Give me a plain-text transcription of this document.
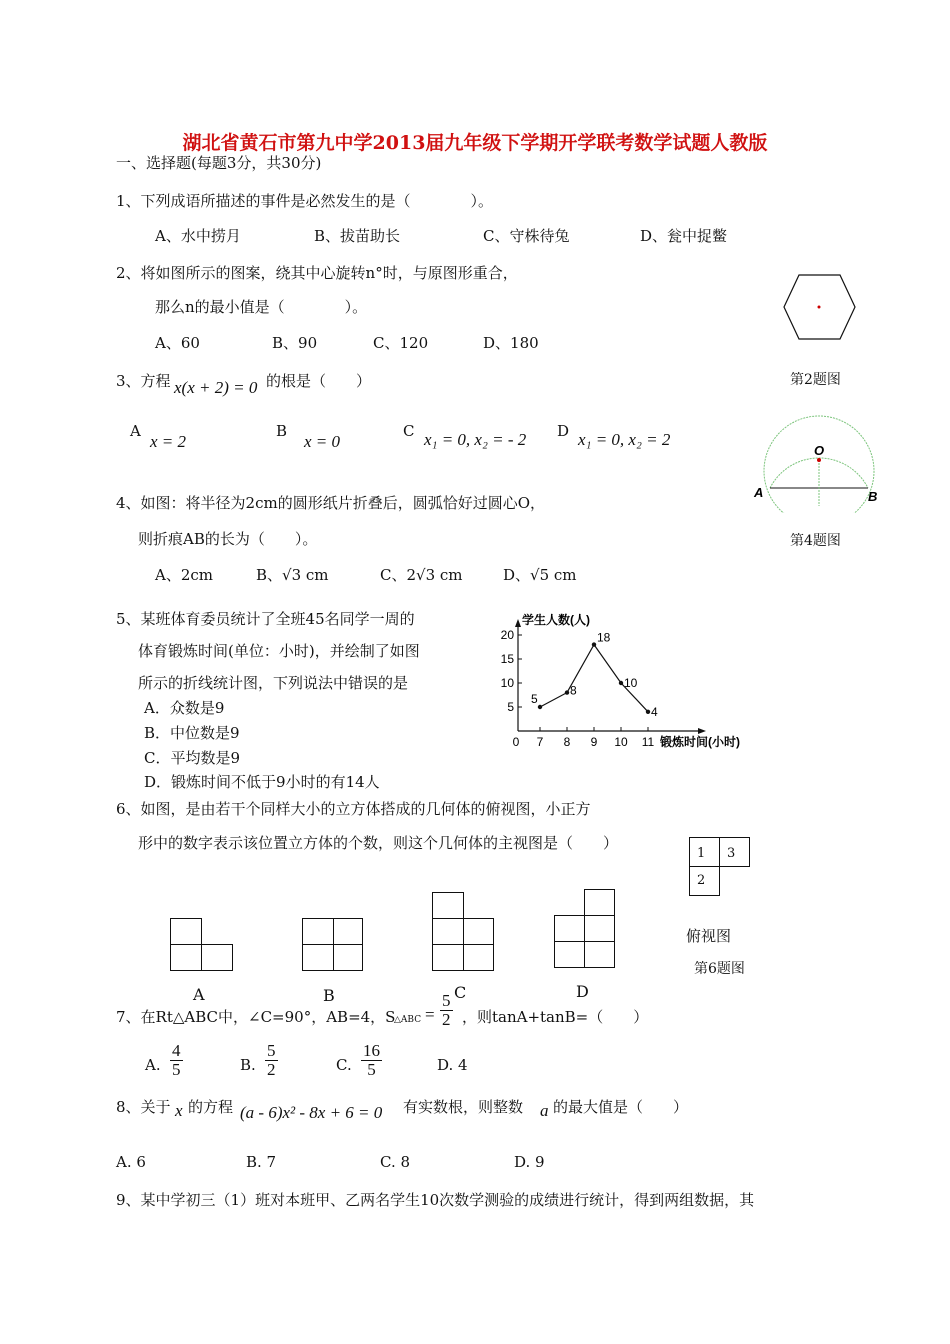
湖北省黄石市第九中学2013届九年级下学期开学联考数学试题人教版
一、选择题(每题3分，共30分)
1、下列成语所描述的事件是必然发生的是（　　　　）。
A、水中捞月	B、拔苗助长	C、守株待兔	D、瓮中捉鳖
2、将如图所示的图案，绕其中心旋转n°时，与原图形重合，
那么n的最小值是（　　　　）。
A、60	B、90	C、120	D、180
第2题图
3、方程 x(x + 2) = 0 的根是（　　）
A
x = 2
B
x = 0
C x₁ = 0, x₂ = - 2 D x₁ = 0, x₂ = 2
O
A	B
4、如图：将半径为2cm的圆形纸片折叠后，圆弧恰好过圆心O，
则折痕AB的长为（　　）。	第4题图
A、2cm	B、√3 cm	C、2√3 cm	D、√5 cm
5、某班体育委员统计了全班45名同学一周的
体育锻炼时间(单位：小时)，并绘制了如图
所示的折线统计图，下列说法中错误的是
A．众数是9
B．中位数是9
C．平均数是9
D．锻炼时间不低于9小时的有14人
学生人数(人)
锻炼时间(小时)
5
10
15
20
0 7 8 9 10 11
5
8
18
10
4
6、如图，是由若干个同样大小的立方体搭成的几何体的俯视图，小正方
形中的数字表示该位置立方体的个数，则这个几何体的主视图是（　　）
1 3
2
俯视图
第6题图
A	B	C	D
7、在Rt△ABC中，∠C=90°，AB=4，S
△ABC = $\frac{5}{2}$ ，则tanA+tanB=（　　）
A. $\frac{4}{5}$	B. $\frac{5}{2}$	C. $\frac{16}{5}$	D. 4
8、关于 x 的方程 (a - 6)x² - 8x + 6 = 0 有实数根，则整数 a 的最大值是（　　）
A. 6	B. 7	C. 8	D. 9
9、某中学初三（1）班对本班甲、乙两名学生10次数学测验的成绩进行统计，得到两组数据，其
